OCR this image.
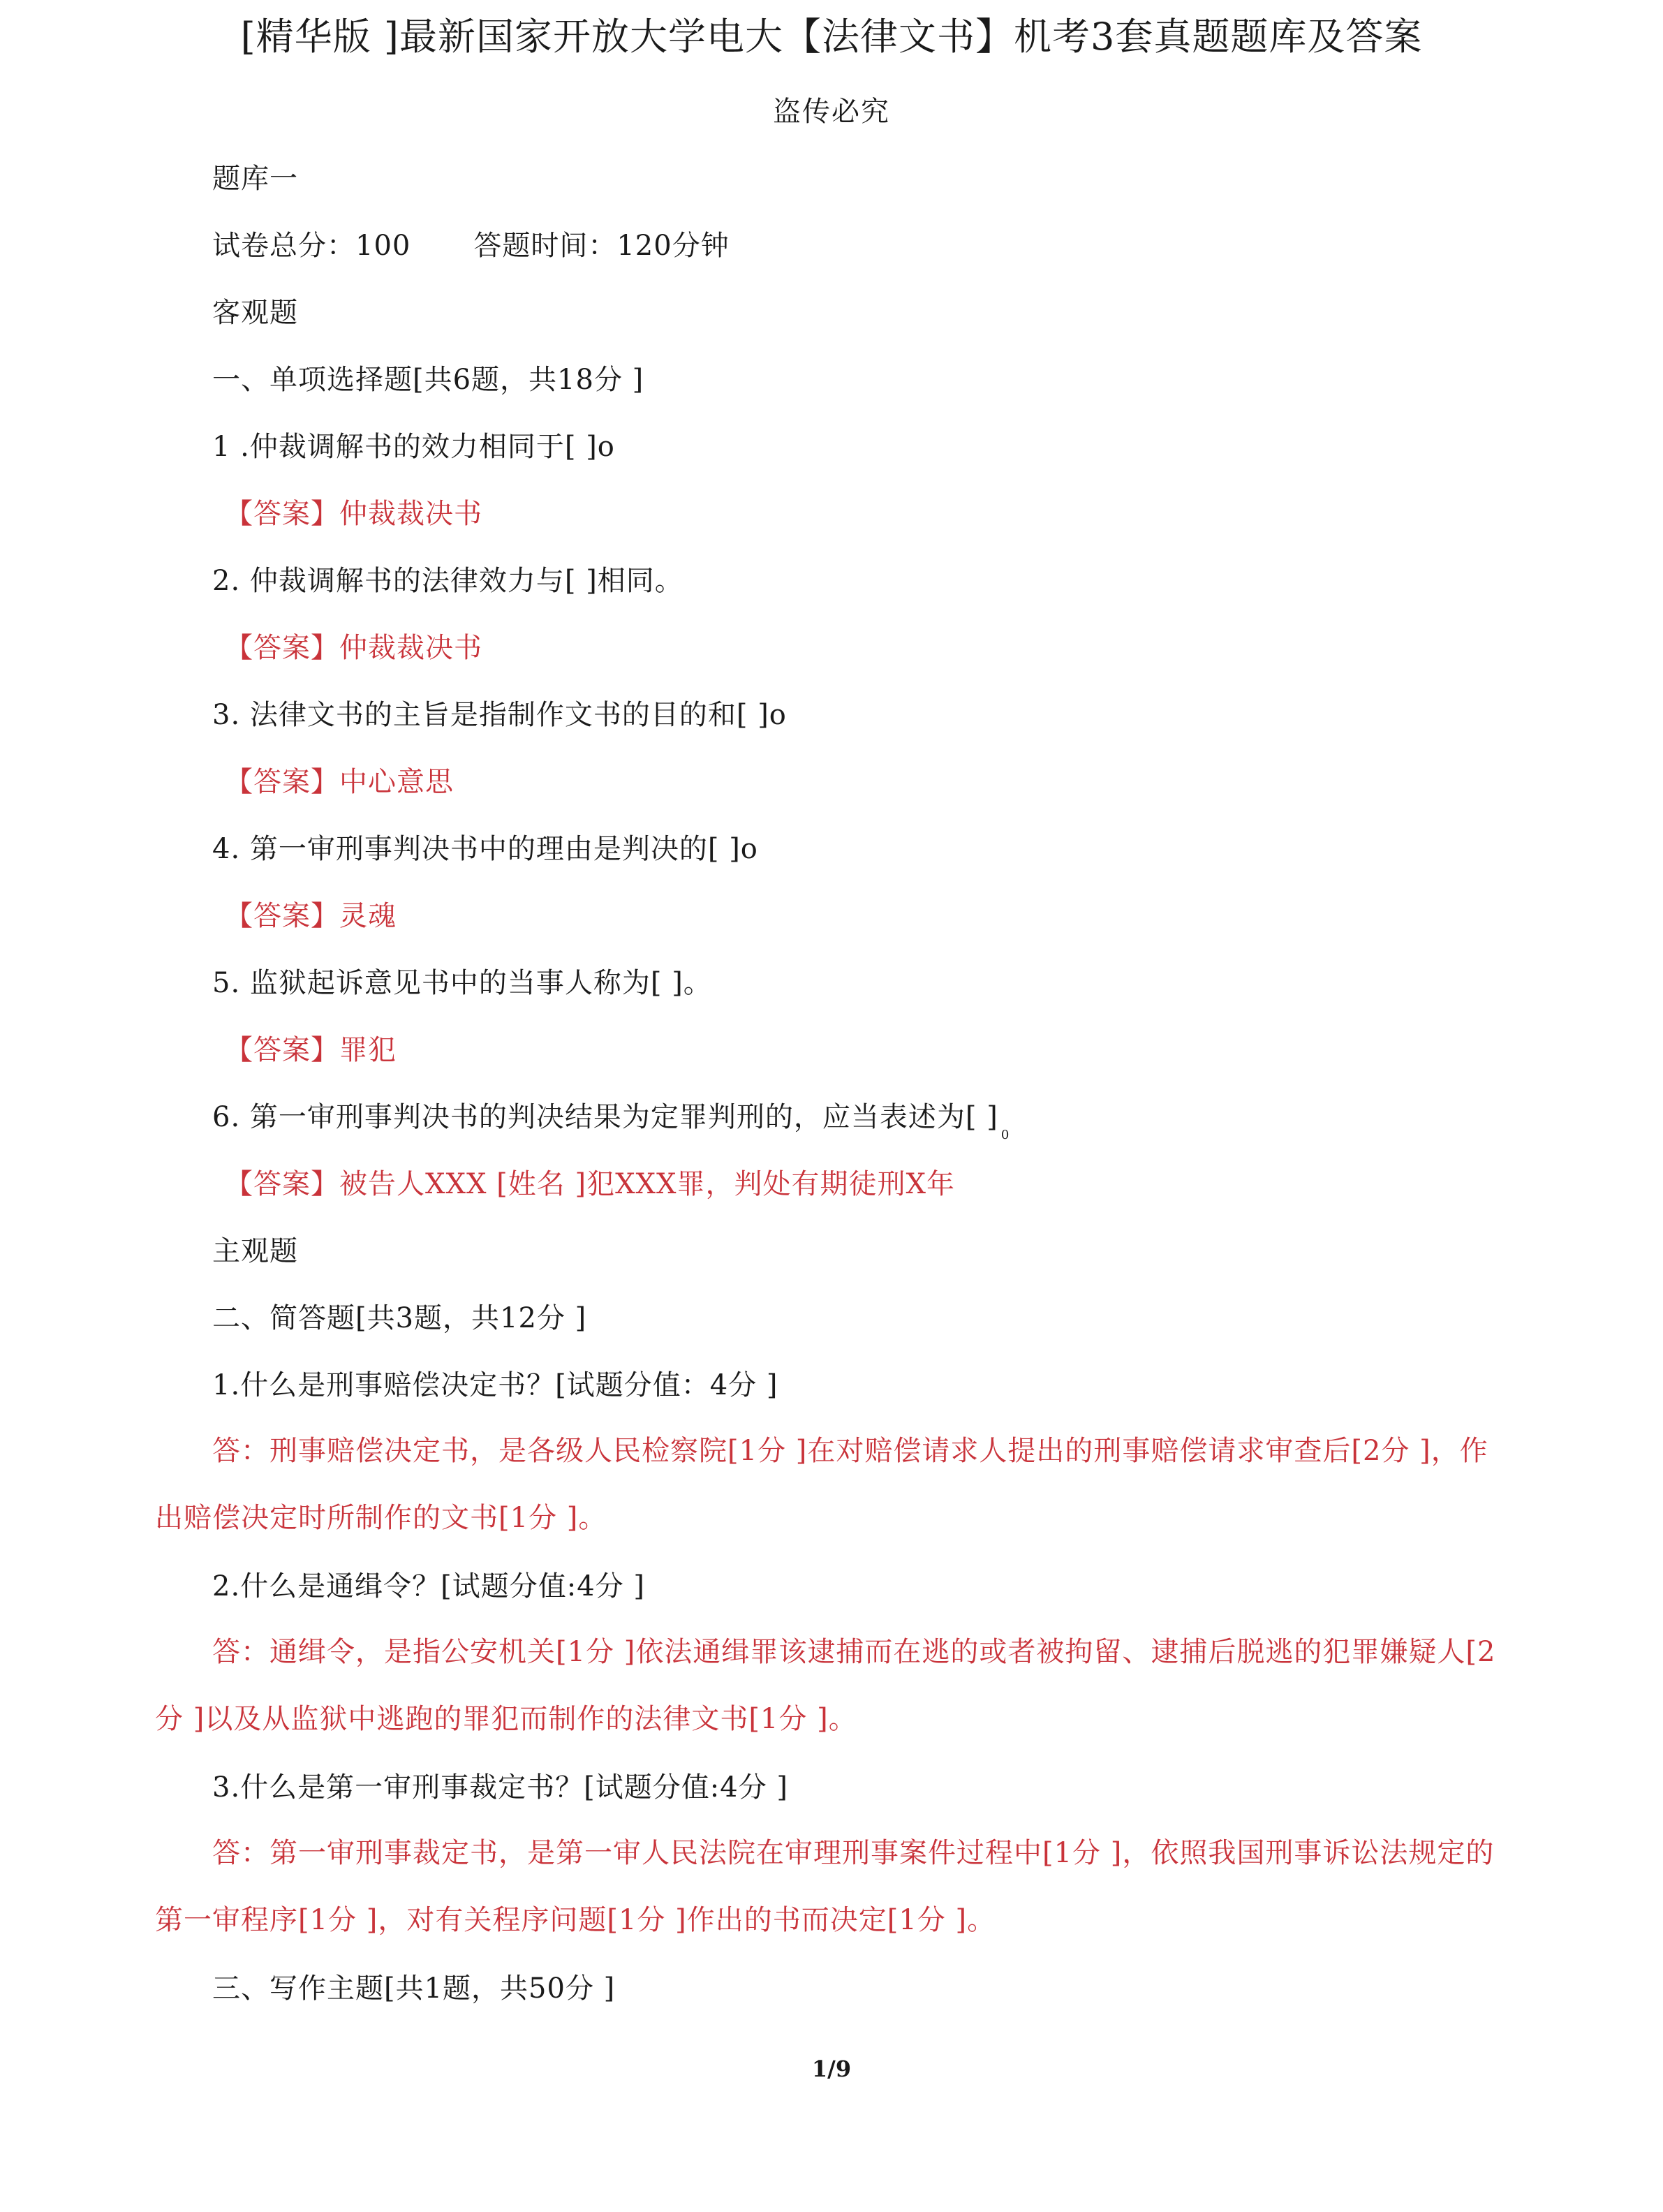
[精华版 ]最新国家开放大学电大【法律文书】机考3套真题题库及答案
盗传必究
题库一
试卷总分：100 答题时间：120分钟
客观题
一、单项选择题[共6题，共18分 ]
1 .仲裁调解书的效力相同于[ ]o
【答案】仲裁裁决书
2. 仲裁调解书的法律效力与[ ]相同。
【答案】仲裁裁决书
3. 法律文书的主旨是指制作文书的目的和[ ]o
【答案】中心意思
4. 第一审刑事判决书中的理由是判决的[ ]o
【答案】灵魂
5. 监狱起诉意见书中的当事人称为[ ]。
【答案】罪犯
6. 第一审刑事判决书的判决结果为定罪判刑的，应当表述为[ ]$_0$
【答案】被告人XXX [姓名 ]犯XXX罪，判处有期徒刑X年
主观题
二、简答题[共3题，共12分 ]
1.什么是刑事赔偿决定书？[试题分值：4分 ]
答：刑事赔偿决定书，是各级人民检察院[1分 ]在对赔偿请求人提出的刑事赔偿请求审查后[2分 ]，作出赔偿决定时所制作的文书[1分 ]。
2.什么是通缉令？[试题分值:4分 ]
答：通缉令，是指公安机关[1分 ]依法通缉罪该逮捕而在逃的或者被拘留、逮捕后脱逃的犯罪嫌疑人[2分 ]以及从监狱中逃跑的罪犯而制作的法律文书[1分 ]。
3.什么是第一审刑事裁定书？[试题分值:4分 ]
答：第一审刑事裁定书，是第一审人民法院在审理刑事案件过程中[1分 ]，依照我国刑事诉讼法规定的第一审程序[1分 ]，对有关程序问题[1分 ]作出的书而决定[1分 ]。
三、写作主题[共1题，共50分 ]
1/9
